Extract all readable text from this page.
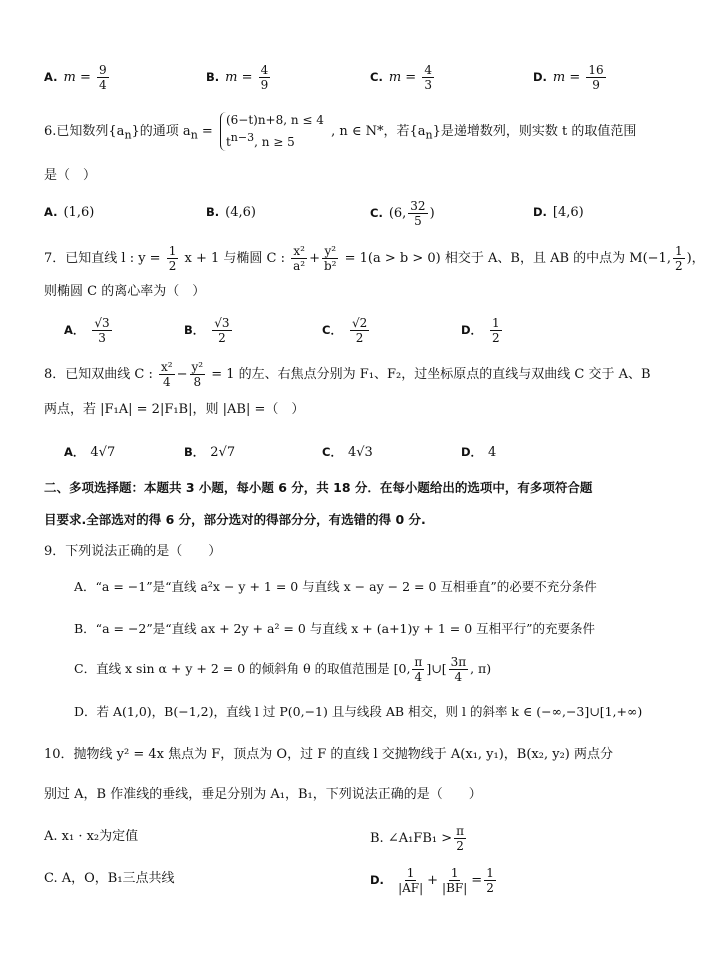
A. $m = \frac{9}{4}$	B. $m = \frac{4}{9}$	C. $m = \frac{4}{3}$	D. $m = \frac{16}{9}$
6.已知数列$\{a_n\}$的通项 $a_n$ =
(6−t)n+8, n ≤ 4
$t^{n-3}$, n ≥ 5
, n ∈ N*，若$\{a_n\}$是递增数列，则实数 t 的取值范围
是（　）
A. (1,6)	B. (4,6)	C. (6, $\frac{32}{5}$ )	D. [4,6)
7．已知直线 l : $y = \frac{1}{2}$ x + 1 与椭圆 C : $\frac{\text{x²}}{\text{a²}} + \frac{\text{y²}}{\text{b²}} = 1(a > b > 0)$ 相交于 A、B，且 AB 的中点为 M(−1, $\frac{1}{2}$ )，
则椭圆 C 的离心率为（　）
A． $\frac{√3}{3}$	B． $\frac{√3}{2}$	C． $\frac{√2}{2}$	D． $\frac{1}{2}$
8．已知双曲线 C : $\frac{\text{x²}}{4} - \frac{\text{y²}}{8} = 1$ 的左、右焦点分别为 F₁、F₂，过坐标原点的直线与双曲线 C 交于 A、B
两点，若 |F₁A| = 2|F₁B|，则 |AB| =（　）
A． 4√7	B． 2√7	C． 4√3	D． 4
二、多项选择题：本题共 3 小题，每小题 6 分，共 18 分．在每小题给出的选项中，有多项符合题
目要求.全部选对的得 6 分，部分选对的得部分分，有选错的得 0 分.
9．下列说法正确的是（　　）
A．“a = −1”是“直线 a²x − y + 1 = 0 与直线 x − ay − 2 = 0 互相垂直”的必要不充分条件
B．“a = −2”是“直线 ax + 2y + a² = 0 与直线 x + (a+1)y + 1 = 0 互相平行”的充要条件
C．直线 x sin α + y + 2 = 0 的倾斜角 θ 的取值范围是 [0, $\frac{\pi}{4}$ ]∪[ $\frac{3\pi}{4}$ , π)
D．若 A(1,0)，B(−1,2)，直线 l 过 P(0,−1) 且与线段 AB 相交，则 l 的斜率 k ∈ (−∞,−3]∪[1,+∞)
10．抛物线 y² = 4x 焦点为 F，顶点为 O，过 F 的直线 l 交抛物线于 A(x₁, y₁)，B(x₂, y₂) 两点分
别过 A，B 作准线的垂线，垂足分别为 A₁，B₁，下列说法正确的是（　　）
A. x₁ · x₂为定值	B. ∠A₁FB₁ > $\frac{\pi}{2}$
C. A，O，B₁三点共线	D. $\frac{1}{|AF|} + \frac{1}{|BF|} = \frac{1}{2}$
